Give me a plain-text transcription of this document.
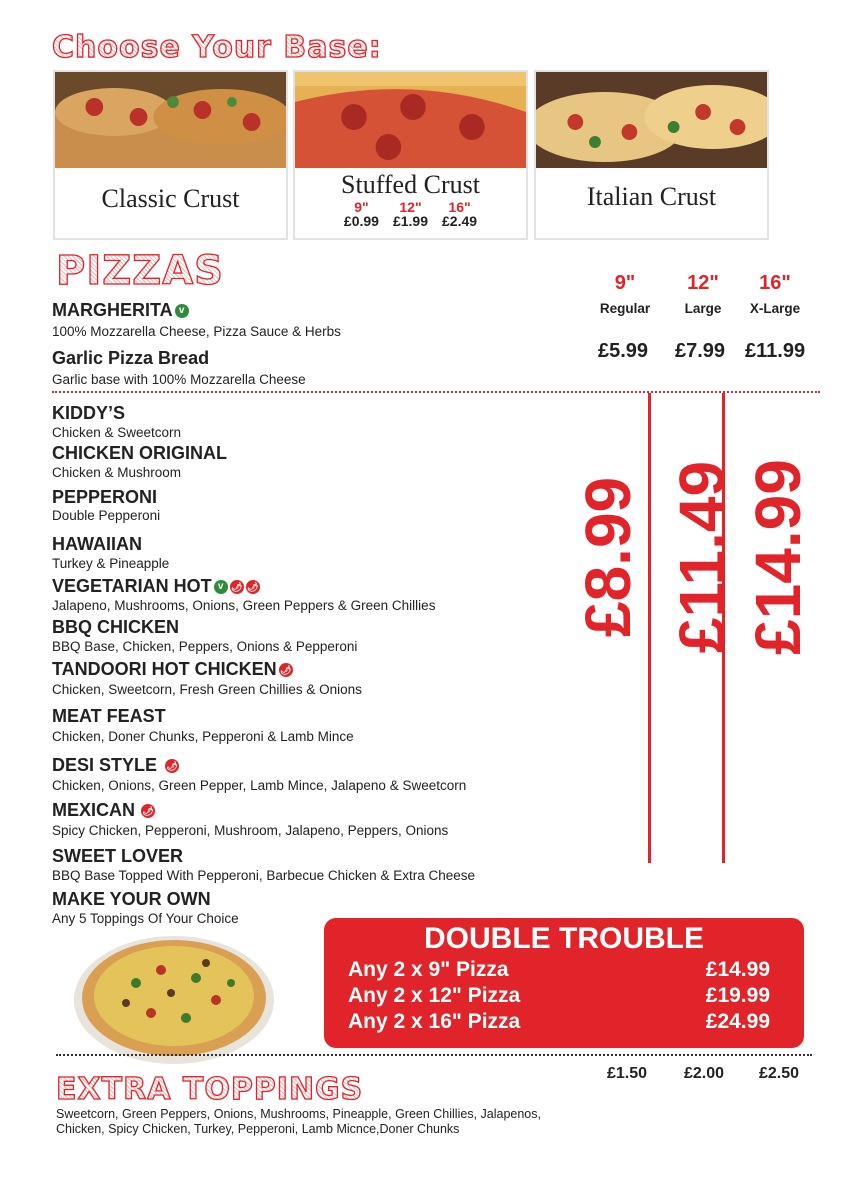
Choose Your Base:
Classic Crust	Stuffed Crust
9"
£0.99
12"
£1.99
16"
£2.49
Italian Crust
PIZZAS	9"
Regular
12"
Large
16"
X-Large
£5.99 £7.99 £11.99
MARGHERITA v
100% Mozzarella Cheese, Pizza Sauce & Herbs
Garlic Pizza Bread
Garlic base with 100% Mozzarella Cheese
KIDDY’S
Chicken & Sweetcorn
CHICKEN ORIGINAL
Chicken & Mushroom
PEPPERONI
Double Pepperoni
HAWAIIAN
Turkey & Pineapple
VEGETARIAN HOT v 🌶 🌶
Jalapeno, Mushrooms, Onions, Green Peppers & Green Chillies
BBQ CHICKEN
BBQ Base, Chicken, Peppers, Onions & Pepperoni
TANDOORI HOT CHICKEN 🌶
Chicken, Sweetcorn, Fresh Green Chillies & Onions
MEAT FEAST
Chicken, Doner Chunks, Pepperoni & Lamb Mince
DESI STYLE 🌶
Chicken, Onions, Green Pepper, Lamb Mince, Jalapeno & Sweetcorn
MEXICAN 🌶
Spicy Chicken, Pepperoni, Mushroom, Jalapeno, Peppers, Onions
SWEET LOVER
BBQ Base Topped With Pepperoni, Barbecue Chicken & Extra Cheese
MAKE YOUR OWN
Any 5 Toppings Of Your Choice
£8.99 £11.49 £14.99
DOUBLE TROUBLE
Any 2 x 9" Pizza	£14.99
Any 2 x 12" Pizza	£19.99
Any 2 x 16" Pizza	£24.99
£1.50 £2.00 £2.50
EXTRA TOPPINGS
Sweetcorn, Green Peppers, Onions, Mushrooms, Pineapple, Green Chillies, Jalapenos,
Chicken, Spicy Chicken, Turkey, Pepperoni, Lamb Micnce,Doner Chunks
